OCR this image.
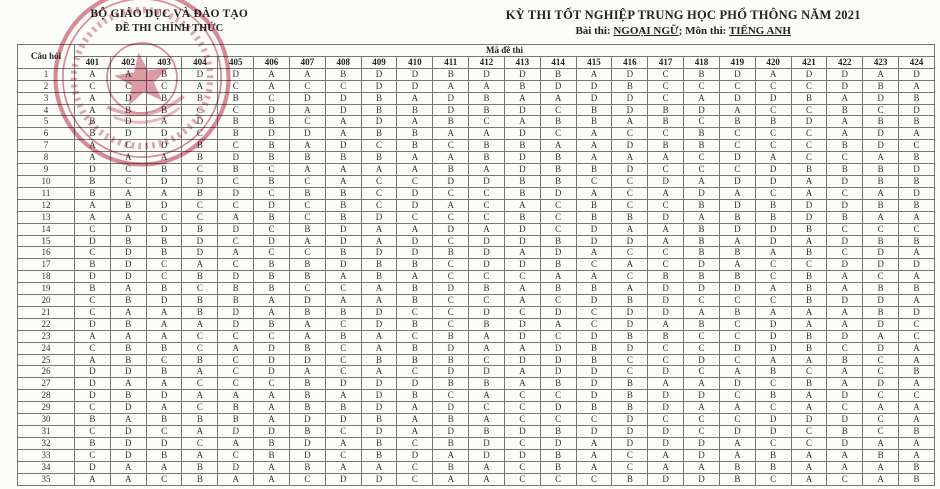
BỘ GIÁO DỤC VÀ ĐÀO TẠO
ĐỀ THI CHÍNH THỨC
KỲ THI TỐT NGHIỆP TRUNG HỌC PHỔ THÔNG NĂM 2021
Bài thi: NGOẠI NGỮ; Môn thi: TIẾNG ANH
Câu hỏi	Mã đề thi																							
	401	402	403	404	405	406	407	408	409	410	411	412	413	414	415	416	417	418	419	420	421	422	423	424
1	A	A	B	D	D	A	A	B	D	D	B	D	D	B	A	D	C	B	D	A	D	D	A	D
2	C	C	C	A	C	A	C	C	D	D	A	A	B	D	D	B	C	C	C	C	C	D	B	A
3	A	D	B	B	B	C	D	D	B	A	D	B	A	A	D	D	C	A	D	D	B	A	D	B
4	A	B	B	C	C	D	A	D	B	B	D	B	D	C	B	D	B	D	A	C	C	B	C	D
5	B	D	A	D	B	B	C	A	D	A	B	C	A	B	B	A	B	C	B	B	D	A	B	B
6	B	D	D	C	B	D	D	A	B	B	A	A	D	C	A	C	C	B	C	C	C	A	D	A
7	A	C	D	B	C	B	A	D	C	B	C	B	B	A	A	D	B	B	C	C	C	B	D	C
8	A	A	A	B	D	B	B	B	B	A	A	B	D	B	A	A	A	C	D	A	C	C	A	B
9	D	C	B	C	B	C	A	A	A	A	B	A	D	B	B	D	C	C	C	D	B	B	B	D
10	B	C	D	D	C	B	C	A	C	C	D	D	B	B	C	C	D	A	D	D	A	D	B	B
11	B	A	A	B	D	C	B	B	C	D	C	C	B	D	A	C	A	D	A	C	A	C	A	D
12	A	B	D	C	C	D	C	B	C	D	A	C	A	C	B	C	C	B	D	B	D	D	B	B
13	A	A	C	C	A	B	C	B	D	C	C	C	B	C	B	B	D	A	B	B	D	B	A	A
14	C	D	D	B	D	C	B	D	A	A	D	A	D	C	D	A	A	B	D	D	B	C	C	C
15	D	B	B	D	C	D	A	D	A	D	C	D	D	B	D	D	A	B	A	D	A	D	B	B
16	C	D	B	D	A	C	C	B	D	D	B	D	A	D	A	C	C	B	B	A	B	C	D	A
17	B	D	C	A	C	B	B	D	B	B	C	D	D	B	C	A	C	D	A	C	C	D	D	D
18	D	D	C	B	D	B	B	A	B	A	C	C	C	A	A	C	B	B	B	C	B	A	C	A
19	B	A	B	C	B	B	C	C	A	B	D	B	A	B	B	A	D	D	D	A	B	A	B	B
20	C	B	D	B	B	A	D	A	A	B	C	C	A	C	D	B	D	C	C	C	B	D	D	A
21	C	A	A	B	D	A	B	B	D	C	C	D	C	D	C	D	D	A	B	A	A	A	B	D
22	D	B	A	A	D	B	A	C	D	B	C	B	D	A	C	D	A	B	C	D	A	A	D	C
23	A	A	A	C	C	C	A	B	A	C	B	A	D	C	D	B	B	C	C	D	B	D	A	C
24	C	B	B	C	A	D	B	C	A	B	D	A	A	D	B	D	C	C	D	D	B	C	D	A
25	A	B	C	B	C	D	D	C	B	B	B	C	D	D	B	C	C	D	C	A	A	B	C	A
26	D	D	B	A	C	D	A	C	A	C	D	D	A	D	D	C	D	C	A	B	C	A	C	B
27	D	A	A	C	C	C	B	D	D	D	B	B	A	B	D	B	A	A	D	C	B	A	D	A
28	D	B	D	A	A	A	B	A	D	B	C	A	C	C	D	B	D	D	C	B	A	D	C	C
29	C	D	A	C	B	A	B	B	D	A	D	C	C	D	B	B	D	A	A	C	A	C	A	A
30	B	A	B	B	B	A	D	D	B	A	B	A	C	C	C	D	C	C	C	D	D	D	C	A
31	C	D	C	A	D	D	B	C	D	A	D	B	D	B	D	D	D	C	D	D	C	B	C	B
32	B	D	D	C	A	B	D	A	B	C	B	D	C	D	A	D	D	D	A	C	C	D	A	A
33	C	D	B	A	C	B	D	C	B	D	A	D	D	B	A	C	A	D	A	B	A	A	B	A
34	D	A	A	B	D	A	B	A	A	C	B	A	C	B	A	C	A	A	B	B	A	A	A	B
35	A	A	C	B	A	A	C	D	D	C	A	A	C	C	C	B	D	D	B	C	A	C	A	B
